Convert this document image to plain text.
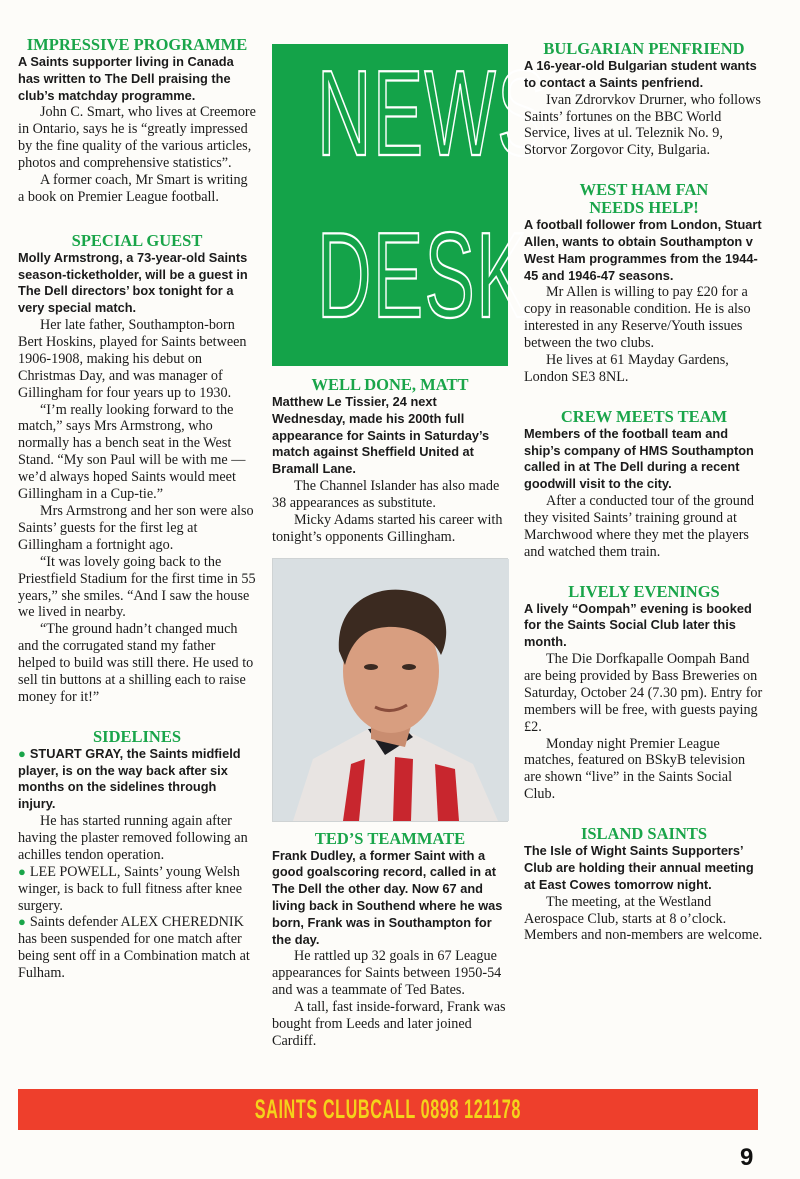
IMPRESSIVE PROGRAMME

A Saints supporter living in Canada has written to The Dell praising the club’s matchday programme.

John C. Smart, who lives at Creemore in Ontario, says he is “greatly impressed by the fine quality of the various articles, photos and comprehensive statistics”.

A former coach, Mr Smart is writing a book on Premier League football.

SPECIAL GUEST

Molly Armstrong, a 73-year-old Saints season-ticketholder, will be a guest in The Dell directors’ box tonight for a very special match.

Her late father, Southampton-born Bert Hoskins, played for Saints between 1906-1908, making his debut on Christmas Day, and was manager of Gillingham for four years up to 1930.

“I’m really looking forward to the match,” says Mrs Armstrong, who normally has a bench seat in the West Stand. “My son Paul will be with me — we’d always hoped Saints would meet Gillingham in a Cup-tie.”

Mrs Armstrong and her son were also Saints’ guests for the first leg at Gillingham a fortnight ago.

“It was lovely going back to the Priestfield Stadium for the first time in 55 years,” she smiles. “And I saw the house we lived in nearby.

“The ground hadn’t changed much and the corrugated stand my father helped to build was still there. He used to sell tin buttons at a shilling each to raise money for it!”

SIDELINES

● STUART GRAY, the Saints midfield player, is on the way back after six months on the sidelines through injury.

He has started running again after having the plaster removed following an achilles tendon operation.

● LEE POWELL, Saints’ young Welsh winger, is back to full fitness after knee surgery.

● Saints defender ALEX CHEREDNIK has been suspended for one match after being sent off in a Combination match at Fulham.

NEWS
DESK
WELL DONE, MATT

Matthew Le Tissier, 24 next Wednesday, made his 200th full appearance for Saints in Saturday’s match against Sheffield United at Bramall Lane.

The Channel Islander has also made 38 appearances as substitute.

Micky Adams started his career with tonight’s opponents Gillingham.

TED’S TEAMMATE

Frank Dudley, a former Saint with a good goalscoring record, called in at The Dell the other day. Now 67 and living back in Southend where he was born, Frank was in Southampton for the day.

He rattled up 32 goals in 67 League appearances for Saints between 1950-54 and was a teammate of Ted Bates.

A tall, fast inside-forward, Frank was bought from Leeds and later joined Cardiff.

BULGARIAN PENFRIEND

A 16-year-old Bulgarian student wants to contact a Saints penfriend.

Ivan Zdrorvkov Drurner, who follows Saints’ fortunes on the BBC World Service, lives at ul. Teleznik No. 9, Storvor Zorgovor City, Bulgaria.

WEST HAM FAN
NEEDS HELP!

A football follower from London, Stuart Allen, wants to obtain Southampton v West Ham programmes from the 1944-45 and 1946-47 seasons.

Mr Allen is willing to pay £20 for a copy in reasonable condition. He is also interested in any Reserve/Youth issues between the two clubs.

He lives at 61 Mayday Gardens, London SE3 8NL.

CREW MEETS TEAM

Members of the football team and ship’s company of HMS Southampton called in at The Dell during a recent goodwill visit to the city.

After a conducted tour of the ground they visited Saints’ training ground at Marchwood where they met the players and watched them train.

LIVELY EVENINGS

A lively “Oompah” evening is booked for the Saints Social Club later this month.

The Die Dorfkapalle Oompah Band are being provided by Bass Breweries on Saturday, October 24 (7.30 pm). Entry for members will be free, with guests paying £2.

Monday night Premier League matches, featured on BSkyB television are shown “live” in the Saints Social Club.

ISLAND SAINTS

The Isle of Wight Saints Supporters’ Club are holding their annual meeting at East Cowes tomorrow night.

The meeting, at the Westland Aerospace Club, starts at 8 o’clock. Members and non-members are welcome.

SAINTS CLUBCALL 0898 121178
9
